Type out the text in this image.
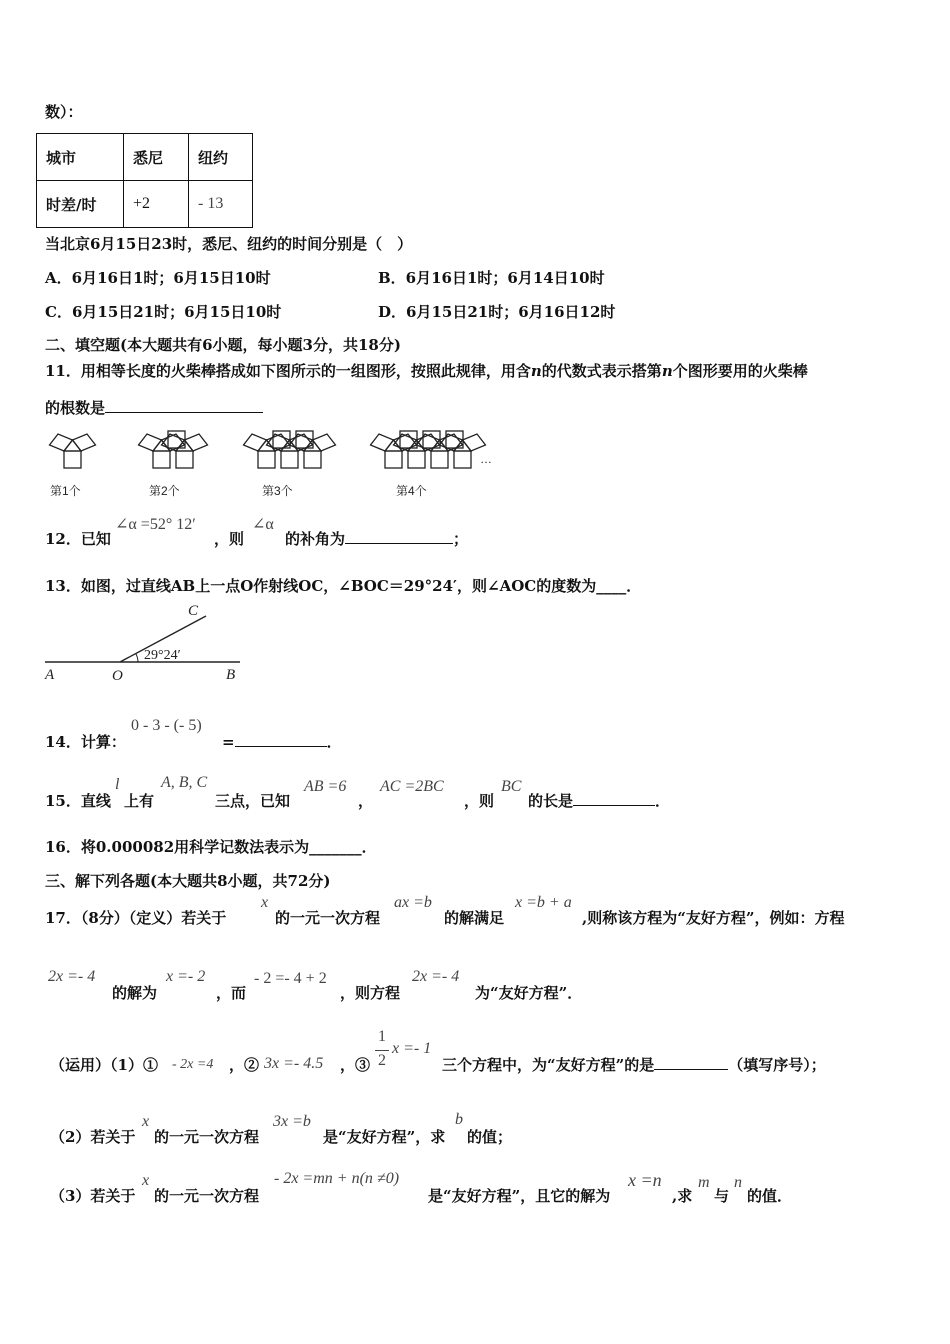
数）：
城市	悉尼	纽约
时差/时	+2	- 13
当北京6月15日23时，悉尼、纽约的时间分别是（　）
A．6月16日1时；6月15日10时	B．6月16日1时；6月14日10时
C．6月15日21时；6月15日10时	D．6月15日21时；6月16日12时
二、填空题(本大题共有6小题，每小题3分，共18分)
11．用相等长度的火柴棒搭成如下图所示的一组图形，按照此规律，用含n的代数式表示搭第n个图形要用的火柴棒
的根数是
第1个	第2个	第3个	第4个
…
12．已知
∠α =52° 12′
，则
∠α
的补角为	；
13．如图，过直线AB上一点O作射线OC，∠BOC＝29°24′，则∠AOC的度数为____．
C
29°24′
A	O	B
14．计算：
0 - 3 - (- 5)
=	．
15．直线
l
上有
A, B, C
三点，已知
AB =6
，
AC =2BC
，则
BC
的长是	．
16．将0.000082用科学记数法表示为_______．
三、解下列各题(本大题共8小题，共72分)
17．（8分）（定义）若关于
x
的一元一次方程
ax =b
的解满足
x =b + a
,则称该方程为“友好方程”，例如：方程
2x =- 4
的解为
x =- 2
，而
- 2 =- 4 + 2
，则方程
2x =- 4
为“友好方程”．
（运用）（1）① - 2x =4 ，② 3x =- 4.5 ，③
1
2
x =- 1
三个方程中，为“友好方程”的是	（填写序号）；
（2）若关于
x
的一元一次方程
3x =b
是“友好方程”，求
b
的值；
（3）若关于
x
的一元一次方程
- 2x =mn + n(n ≠0)
是“友好方程”，且它的解为
x =n
,求
m
与
n
的值．
